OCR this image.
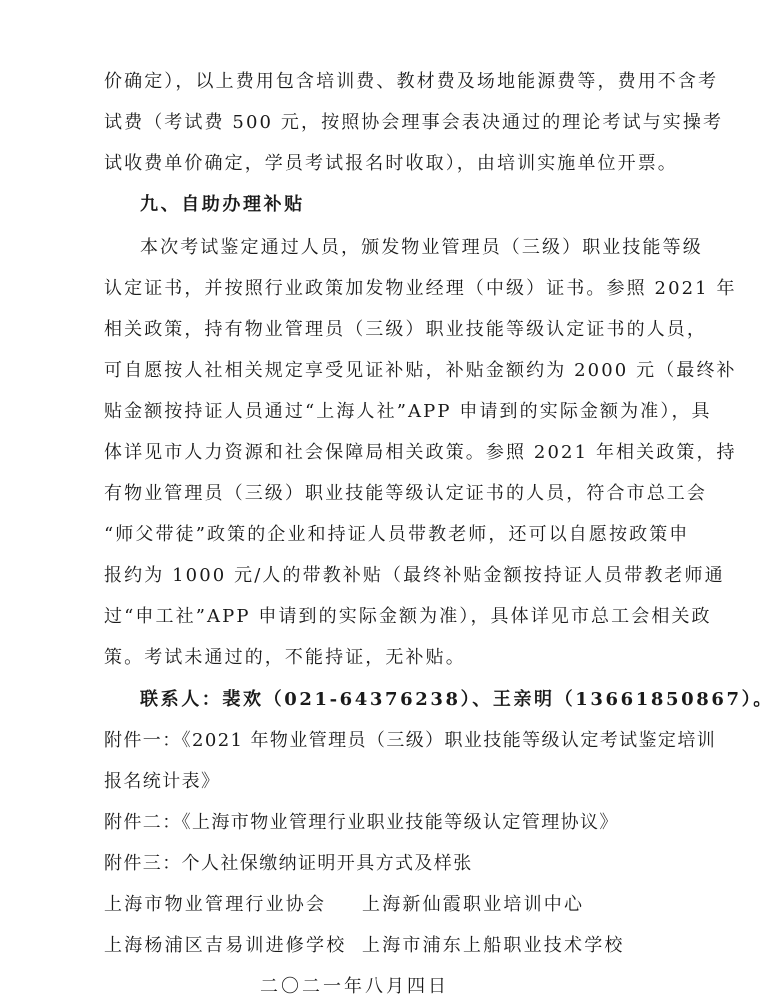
价确定），以上费用包含培训费、教材费及场地能源费等，费用不含考
试费（考试费 500 元，按照协会理事会表决通过的理论考试与实操考
试收费单价确定，学员考试报名时收取），由培训实施单位开票。
九、自助办理补贴
本次考试鉴定通过人员，颁发物业管理员（三级）职业技能等级
认定证书，并按照行业政策加发物业经理（中级）证书。参照 2021 年
相关政策，持有物业管理员（三级）职业技能等级认定证书的人员，
可自愿按人社相关规定享受见证补贴，补贴金额约为 2000 元（最终补
贴金额按持证人员通过“上海人社”APP 申请到的实际金额为准），具
体详见市人力资源和社会保障局相关政策。参照 2021 年相关政策，持
有物业管理员（三级）职业技能等级认定证书的人员，符合市总工会
“师父带徒”政策的企业和持证人员带教老师，还可以自愿按政策申
报约为 1000 元/人的带教补贴（最终补贴金额按持证人员带教老师通
过“申工社”APP 申请到的实际金额为准），具体详见市总工会相关政
策。考试未通过的，不能持证，无补贴。
联系人：裴欢（021-64376238）、王亲明（13661850867）。
附件一：《2021 年物业管理员（三级）职业技能等级认定考试鉴定培训
报名统计表》
附件二：《上海市物业管理行业职业技能等级认定管理协议》
附件三：个人社保缴纳证明开具方式及样张
上海市物业管理行业协会 上海新仙霞职业培训中心
上海杨浦区吉易训进修学校 上海市浦东上船职业技术学校
二〇二一年八月四日
